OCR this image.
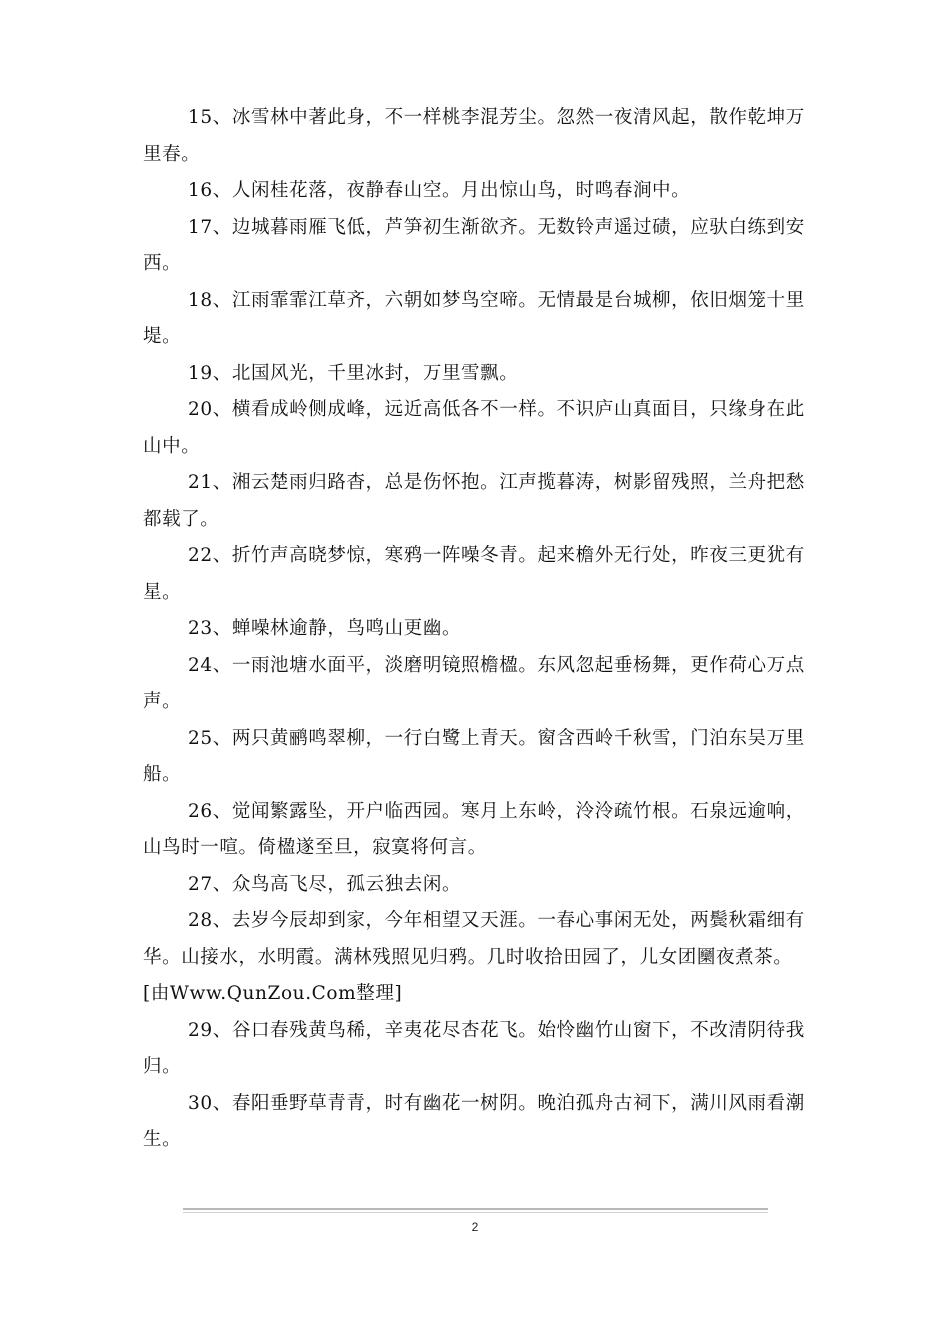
15、冰雪林中著此身，不一样桃李混芳尘。忽然一夜清风起，散作乾坤万里春。

16、人闲桂花落，夜静春山空。月出惊山鸟，时鸣春涧中。

17、边城暮雨雁飞低，芦笋初生渐欲齐。无数铃声遥过碛，应驮白练到安西。

18、江雨霏霏江草齐，六朝如梦鸟空啼。无情最是台城柳，依旧烟笼十里堤。

19、北国风光，千里冰封，万里雪飘。

20、横看成岭侧成峰，远近高低各不一样。不识庐山真面目，只缘身在此山中。

21、湘云楚雨归路杳，总是伤怀抱。江声揽暮涛，树影留残照，兰舟把愁都载了。

22、折竹声高晓梦惊，寒鸦一阵噪冬青。起来檐外无行处，昨夜三更犹有星。

23、蝉噪林逾静，鸟鸣山更幽。

24、一雨池塘水面平，淡磨明镜照檐楹。东风忽起垂杨舞，更作荷心万点声。

25、两只黄鹂鸣翠柳，一行白鹭上青天。窗含西岭千秋雪，门泊东吴万里船。

26、觉闻繁露坠，开户临西园。寒月上东岭，泠泠疏竹根。石泉远逾响，山鸟时一喧。倚楹遂至旦，寂寞将何言。

27、众鸟高飞尽，孤云独去闲。

28、去岁今辰却到家，今年相望又天涯。一春心事闲无处，两鬓秋霜细有华。山接水，水明霞。满林残照见归鸦。几时收拾田园了，儿女团圞夜煮茶。[由Www.QunZou.Com整理]

29、谷口春残黄鸟稀，辛夷花尽杏花飞。始怜幽竹山窗下，不改清阴待我归。

30、春阳垂野草青青，时有幽花一树阴。晚泊孤舟古祠下，满川风雨看潮生。

2
